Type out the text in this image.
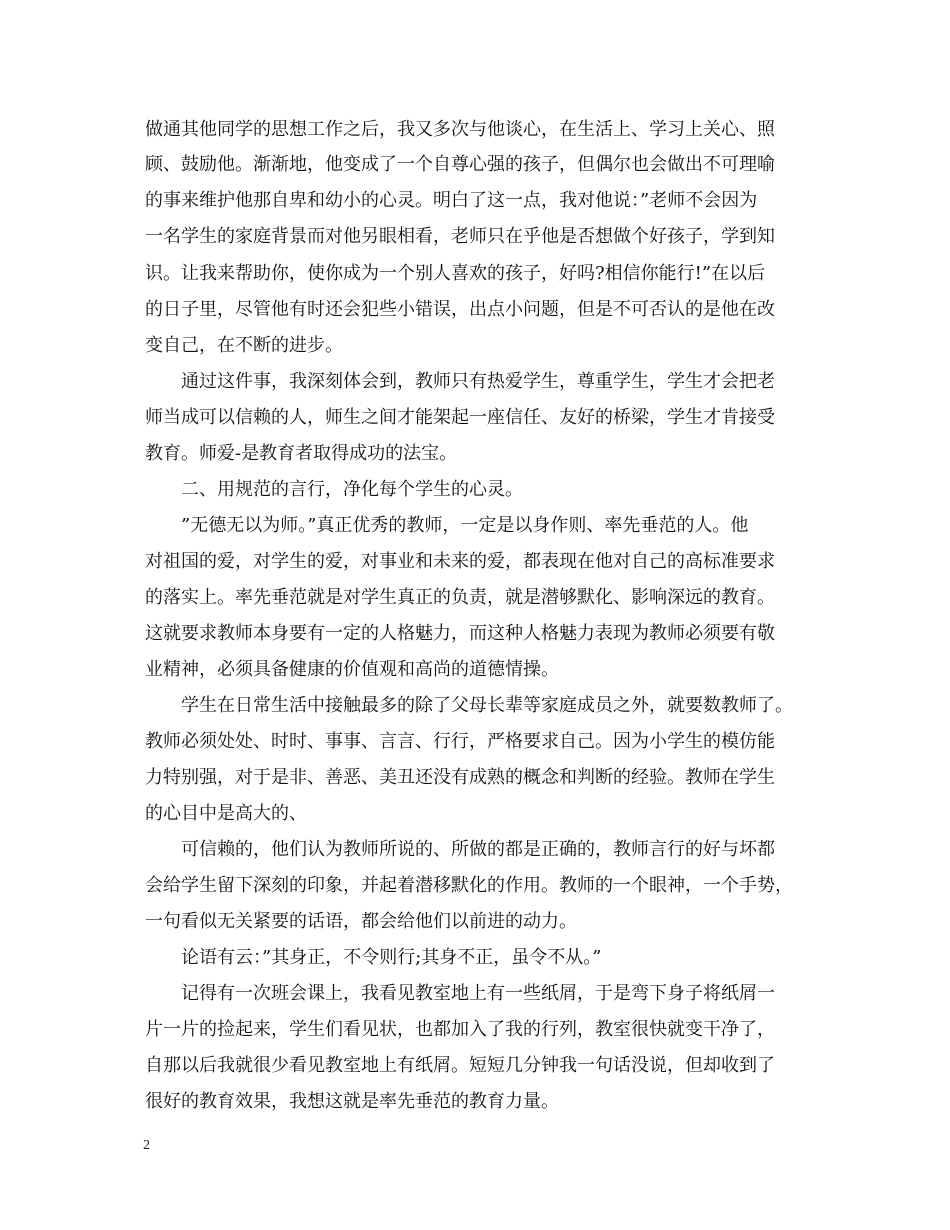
做通其他同学的思想工作之后，我又多次与他谈心，在生活上、学习上关心、照
顾、鼓励他。渐渐地，他变成了一个自尊心强的孩子，但偶尔也会做出不可理喻
的事来维护他那自卑和幼小的心灵。明白了这一点，我对他说：”老师不会因为
一名学生的家庭背景而对他另眼相看，老师只在乎他是否想做个好孩子，学到知
识。让我来帮助你，使你成为一个别人喜欢的孩子，好吗?相信你能行!”在以后
的日子里，尽管他有时还会犯些小错误，出点小问题，但是不可否认的是他在改
变自己，在不断的进步。
　　通过这件事，我深刻体会到，教师只有热爱学生，尊重学生，学生才会把老
师当成可以信赖的人，师生之间才能架起一座信任、友好的桥梁，学生才肯接受
教育。师爱-是教育者取得成功的法宝。
　　二、用规范的言行，净化每个学生的心灵。
　　”无德无以为师。”真正优秀的教师，一定是以身作则、率先垂范的人。他
对祖国的爱，对学生的爱，对事业和未来的爱，都表现在他对自己的高标准要求
的落实上。率先垂范就是对学生真正的负责，就是潜够默化、影响深远的教育。
这就要求教师本身要有一定的人格魅力，而这种人格魅力表现为教师必须要有敬
业精神，必须具备健康的价值观和高尚的道德情操。
　　学生在日常生活中接触最多的除了父母长辈等家庭成员之外，就要数教师了。
教师必须处处、时时、事事、言言、行行，严格要求自己。因为小学生的模仿能
力特别强，对于是非、善恶、美丑还没有成熟的概念和判断的经验。教师在学生
的心目中是高大的、
　　可信赖的，他们认为教师所说的、所做的都是正确的，教师言行的好与坏都
会给学生留下深刻的印象，并起着潜移默化的作用。教师的一个眼神，一个手势，
一句看似无关紧要的话语，都会给他们以前进的动力。
　　论语有云：”其身正，不令则行;其身不正，虽令不从。”
　　记得有一次班会课上，我看见教室地上有一些纸屑，于是弯下身子将纸屑一
片一片的捡起来，学生们看见状，也都加入了我的行列，教室很快就变干净了，
自那以后我就很少看见教室地上有纸屑。短短几分钟我一句话没说，但却收到了
很好的教育效果，我想这就是率先垂范的教育力量。
2
